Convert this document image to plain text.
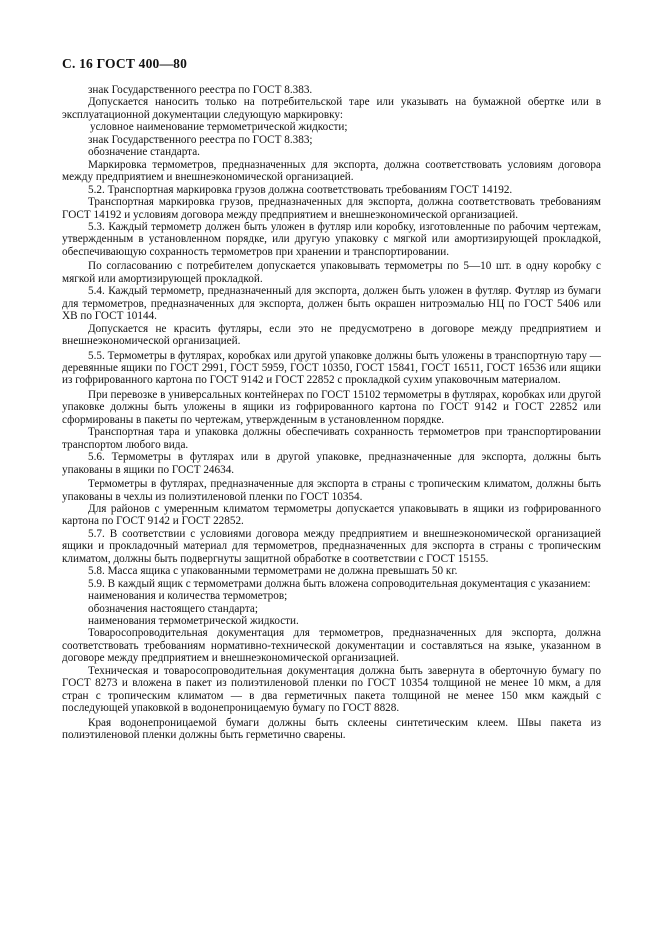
С. 16 ГОСТ 400—80

знак Государственного реестра по ГОСТ 8.383.

Допускается наносить только на потребительской таре или указывать на бумажной обертке или в эксплуатационной документации следующую маркировку:

условное наименование термометрической жидкости;

знак Государственного реестра по ГОСТ 8.383;

обозначение стандарта.

Маркировка термометров, предназначенных для экспорта, должна соответствовать условиям договора между предприятием и внешнеэкономической организацией.

5.2. Транспортная маркировка грузов должна соответствовать требованиям ГОСТ 14192.

Транспортная маркировка грузов, предназначенных для экспорта, должна соответствовать требованиям ГОСТ 14192 и условиям договора между предприятием и внешнеэкономической организацией.

5.3. Каждый термометр должен быть уложен в футляр или коробку, изготовленные по рабочим чертежам, утвержденным в установленном порядке, или другую упаковку с мягкой или амортизирующей прокладкой, обеспечивающую сохранность термометров при хранении и транспортировании.

По согласованию с потребителем допускается упаковывать термометры по 5—10 шт. в одну коробку с мягкой или амортизирующей прокладкой.

5.4. Каждый термометр, предназначенный для экспорта, должен быть уложен в футляр. Футляр из бумаги для термометров, предназначенных для экспорта, должен быть окрашен нитроэмалью НЦ по ГОСТ 5406 или ХВ по ГОСТ 10144.

Допускается не красить футляры, если это не предусмотрено в договоре между предприятием и внешнеэкономической организацией.

5.5. Термометры в футлярах, коробках или другой упаковке должны быть уложены в транспортную тару — деревянные ящики по ГОСТ 2991, ГОСТ 5959, ГОСТ 10350, ГОСТ 15841, ГОСТ 16511, ГОСТ 16536 или ящики из гофрированного картона по ГОСТ 9142 и ГОСТ 22852 с прокладкой сухим упаковочным материалом.

При перевозке в универсальных контейнерах по ГОСТ 15102 термометры в футлярах, коробках или другой упаковке должны быть уложены в ящики из гофрированного картона по ГОСТ 9142 и ГОСТ 22852 или сформированы в пакеты по чертежам, утвержденным в установленном порядке.

Транспортная тара и упаковка должны обеспечивать сохранность термометров при транспортировании транспортом любого вида.

5.6. Термометры в футлярах или в другой упаковке, предназначенные для экспорта, должны быть упакованы в ящики по ГОСТ 24634.

Термометры в футлярах, предназначенные для экспорта в страны с тропическим климатом, должны быть упакованы в чехлы из полиэтиленовой пленки по ГОСТ 10354.

Для районов с умеренным климатом термометры допускается упаковывать в ящики из гофрированного картона по ГОСТ 9142 и ГОСТ 22852.

5.7. В соответствии с условиями договора между предприятием и внешнеэкономической организацией ящики и прокладочный материал для термометров, предназначенных для экспорта в страны с тропическим климатом, должны быть подвергнуты защитной обработке в соответствии с ГОСТ 15155.

5.8. Масса ящика с упакованными термометрами не должна превышать 50 кг.

5.9. В каждый ящик с термометрами должна быть вложена сопроводительная документация с указанием:

наименования и количества термометров;

обозначения настоящего стандарта;

наименования термометрической жидкости.

Товаросопроводительная документация для термометров, предназначенных для экспорта, должна соответствовать требованиям нормативно-технической документации и составляться на языке, указанном в договоре между предприятием и внешнеэкономической организацией.

Техническая и товаросопроводительная документация должна быть завернута в оберточную бумагу по ГОСТ 8273 и вложена в пакет из полиэтиленовой пленки по ГОСТ 10354 толщиной не менее 10 мкм, а для стран с тропическим климатом — в два герметичных пакета толщиной не менее 150 мкм каждый с последующей упаковкой в водонепроницаемую бумагу по ГОСТ 8828.

Края водонепроницаемой бумаги должны быть склеены синтетическим клеем. Швы пакета из полиэтиленовой пленки должны быть герметично сварены.
